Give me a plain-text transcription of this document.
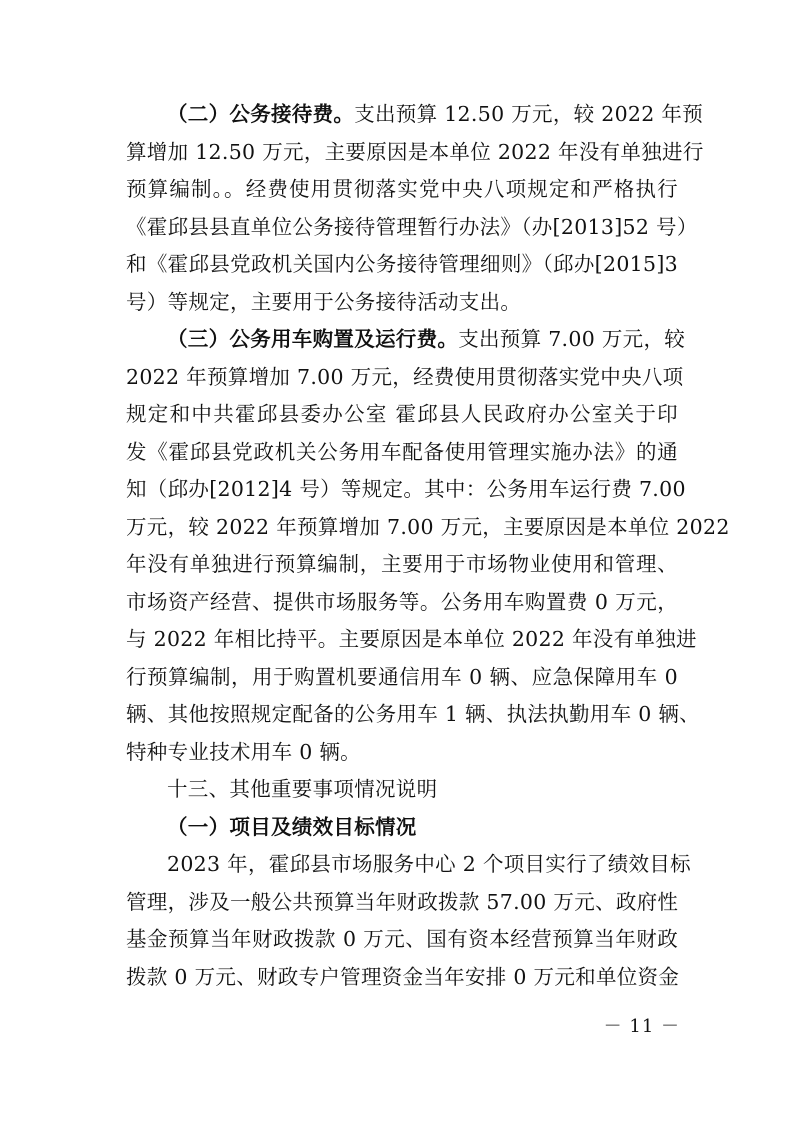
（二）公务接待费。支出预算 12.50 万元，较 2022 年预
算增加 12.50 万元，主要原因是本单位 2022 年没有单独进行
预算编制。。经费使用贯彻落实党中央八项规定和严格执行
《霍邱县县直单位公务接待管理暂行办法》（办[2013]52 号）
和《霍邱县党政机关国内公务接待管理细则》（邱办[2015]3
号）等规定，主要用于公务接待活动支出。
（三）公务用车购置及运行费。支出预算 7.00 万元，较
2022 年预算增加 7.00 万元，经费使用贯彻落实党中央八项
规定和中共霍邱县委办公室 霍邱县人民政府办公室关于印
发《霍邱县党政机关公务用车配备使用管理实施办法》的通
知（邱办[2012]4 号）等规定。其中：公务用车运行费 7.00
万元，较 2022 年预算增加 7.00 万元，主要原因是本单位 2022
年没有单独进行预算编制，主要用于市场物业使用和管理、
市场资产经营、提供市场服务等。公务用车购置费 0 万元，
与 2022 年相比持平。主要原因是本单位 2022 年没有单独进
行预算编制，用于购置机要通信用车 0 辆、应急保障用车 0
辆、其他按照规定配备的公务用车 1 辆、执法执勤用车 0 辆、
特种专业技术用车 0 辆。
十三、其他重要事项情况说明
（一）项目及绩效目标情况
2023 年，霍邱县市场服务中心 2 个项目实行了绩效目标
管理，涉及一般公共预算当年财政拨款 57.00 万元、政府性
基金预算当年财政拨款 0 万元、国有资本经营预算当年财政
拨款 0 万元、财政专户管理资金当年安排 0 万元和单位资金
－ 11 －
